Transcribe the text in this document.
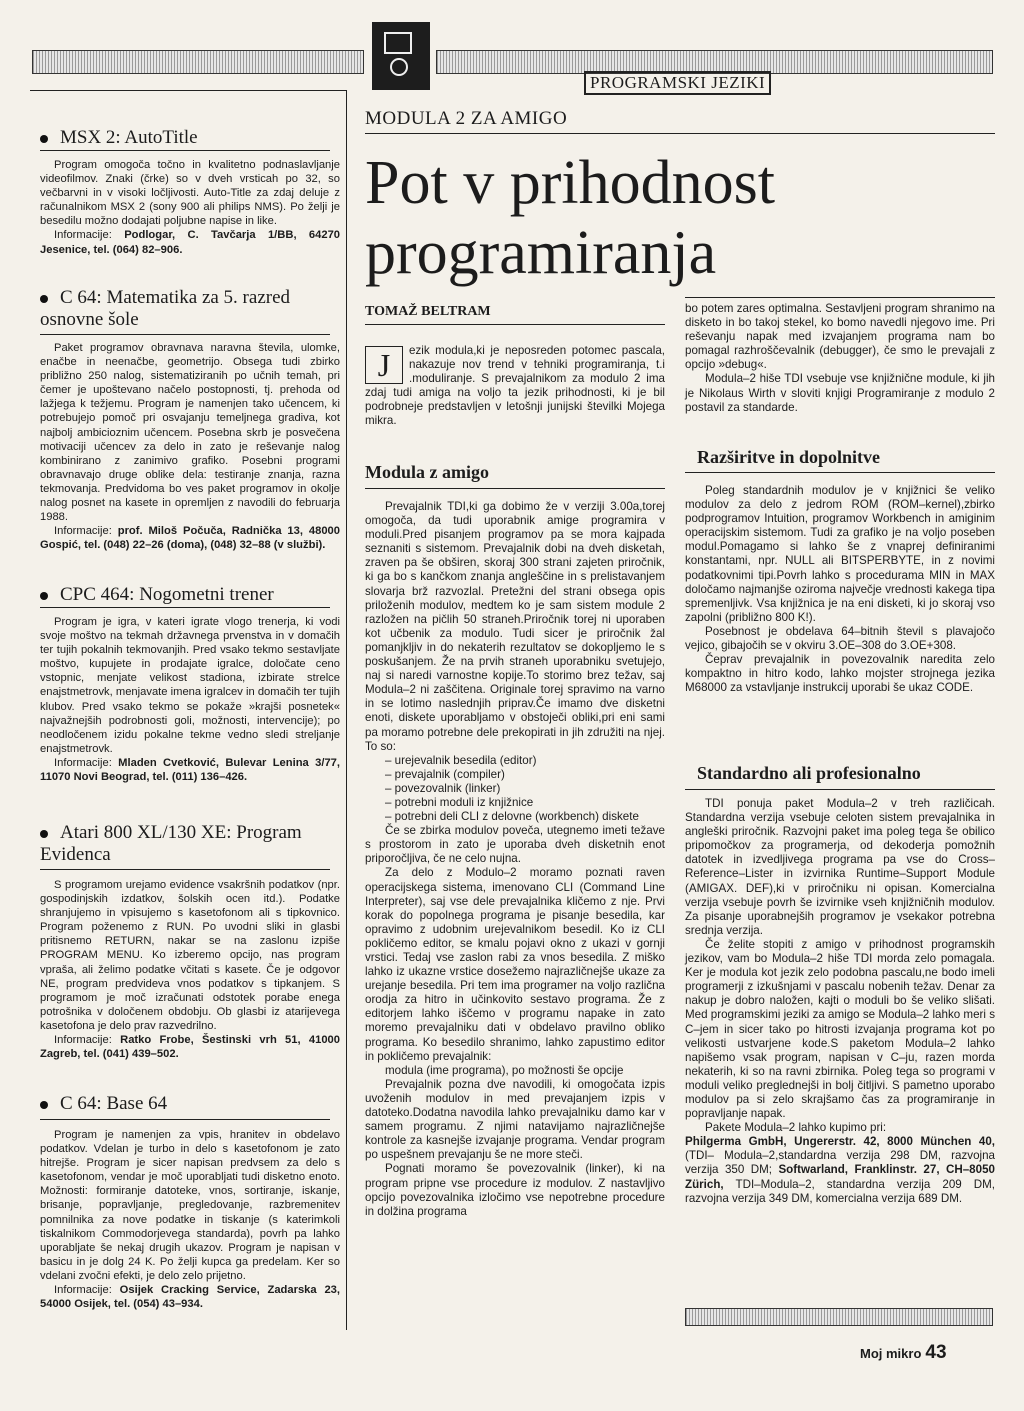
PROGRAMSKI JEZIKI
MSX 2: AutoTitle

Program omogoča točno in kvalitetno podnaslavljanje videofilmov. Znaki (črke) so v dveh vrsticah po 32, so večbarvni in v visoki ločljivosti. Auto-Title za zdaj deluje z računalnikom MSX 2 (sony 900 ali philips NMS). Po želji je besedilu možno dodajati poljubne napise in like.

Informacije: Podlogar, C. Tavčarja 1/BB, 64270 Jesenice, tel. (064) 82–906.

C 64: Matematika za 5. razred osnovne šole

Paket programov obravnava naravna števila, ulomke, enačbe in neenačbe, geometrijo. Obsega tudi zbirko približno 250 nalog, sistematiziranih po učnih temah, pri čemer je upoštevano načelo postopnosti, tj. prehoda od lažjega k težjemu. Program je namenjen tako učencem, ki potrebujejo pomoč pri osvajanju temeljnega gradiva, kot najbolj ambicioznim učencem. Posebna skrb je posvečena motivaciji učencev za delo in zato je reševanje nalog kombinirano z zanimivo grafiko. Posebni programi obravnavajo druge oblike dela: testiranje znanja, razna tekmovanja. Predvidoma bo ves paket programov in okolje nalog posnet na kasete in opremljen z navodili do februarja 1988.

Informacije: prof. Miloš Počuča, Radnička 13, 48000 Gospić, tel. (048) 22–26 (doma), (048) 32–88 (v službi).

CPC 464: Nogometni trener

Program je igra, v kateri igrate vlogo trenerja, ki vodi svoje moštvo na tekmah državnega prvenstva in v domačih ter tujih pokalnih tekmovanjih. Pred vsako tekmo sestavljate moštvo, kupujete in prodajate igralce, določate ceno vstopnic, menjate velikost stadiona, izbirate strelce enajstmetrovk, menjavate imena igralcev in domačih ter tujih klubov. Pred vsako tekmo se pokaže »krajši posnetek« najvažnejših podrobnosti goli, možnosti, intervencije); po neodločenem izidu pokalne tekme vedno sledi streljanje enajstmetrovk.

Informacije: Mladen Cvetković, Bulevar Lenina 3/77, 11070 Novi Beograd, tel. (011) 136–426.

Atari 800 XL/130 XE: Program Evidenca

S programom urejamo evidence vsakršnih podatkov (npr. gospodinjskih izdatkov, šolskih ocen itd.). Podatke shranjujemo in vpisujemo s kasetofonom ali s tipkovnico. Program poženemo z RUN. Po uvodni sliki in glasbi pritisnemo RETURN, nakar se na zaslonu izpiše PROGRAM MENU. Ko izberemo opcijo, nas program vpraša, ali želimo podatke včitati s kasete. Če je odgovor NE, program predvideva vnos podatkov s tipkanjem. S programom je moč izračunati odstotek porabe enega potrošnika v določenem obdobju. Ob glasbi iz atarijevega kasetofona je delo prav razvedrilno.

Informacije: Ratko Frobe, Šestinski vrh 51, 41000 Zagreb, tel. (041) 439–502.

C 64: Base 64

Program je namenjen za vpis, hranitev in obdelavo podatkov. Vdelan je turbo in delo s kasetofonom je zato hitrejše. Program je sicer napisan predvsem za delo s kasetofonom, vendar je moč uporabljati tudi disketno enoto. Možnosti: formiranje datoteke, vnos, sortiranje, iskanje, brisanje, popravljanje, pregledovanje, razbremenitev pomnilnika za nove podatke in tiskanje (s katerimkoli tiskalnikom Commodorjevega standarda), povrh pa lahko uporabljate še nekaj drugih ukazov. Program je napisan v basicu in je dolg 24 K. Po želji kupca ga predelam. Ker so vdelani zvočni efekti, je delo zelo prijetno.

Informacije: Osijek Cracking Service, Zadarska 23, 54000 Osijek, tel. (054) 43–934.

MODULA 2 ZA AMIGO
Pot v prihodnost programiranja
TOMAŽ BELTRAM

J	ezik modula,ki je neposreden potomec pascala, nakazuje nov trend v tehniki programiranja, t.i .moduliranje. S prevajalnikom za modulo 2 ima zdaj tudi amiga na voljo ta jezik prihodnosti, ki je bil podrobneje predstavljen v letošnji junijski številki Mojega mikra.

Modula z amigo

Prevajalnik TDI,ki ga dobimo že v verziji 3.00a,torej omogoča, da tudi uporabnik amige programira v moduli.Pred pisanjem programov pa se mora kajpada seznaniti s sistemom. Prevajalnik dobi na dveh disketah, zraven pa še obširen, skoraj 300 strani zajeten priročnik, ki ga bo s kančkom znanja angleščine in s prelistavanjem slovarja brž razvozlal. Pretežni del strani obsega opis priloženih modulov, medtem ko je sam sistem module 2 razložen na pičlih 50 straneh.Priročnik torej ni uporaben kot učbenik za modulo. Tudi sicer je priročnik žal pomanjkljiv in do nekaterih rezultatov se dokopljemo le s poskušanjem. Že na prvih straneh uporabniku svetujejo, naj si naredi varnostne kopije.To storimo brez težav, saj Modula–2 ni zaščitena. Originale torej spravimo na varno in se lotimo naslednjih priprav.Če imamo dve disketni enoti, diskete uporabljamo v obstoječi obliki,pri eni sami pa moramo potrebne dele prekopirati in jih združiti na njej. To so:

– urejevalnik besedila (editor)

– prevajalnik (compiler)

– povezovalnik (linker)

– potrebni moduli iz knjižnice

– potrebni deli CLI z delovne (workbench) diskete

Če se zbirka modulov poveča, utegnemo imeti težave s prostorom in zato je uporaba dveh disketnih enot priporočljiva, če ne celo nujna.

Za delo z Modulo–2 moramo poznati raven operacijskega sistema, imenovano CLI (Command Line Interpreter), saj vse dele prevajalnika kličemo z nje. Prvi korak do popolnega programa je pisanje besedila, kar opravimo z udobnim urejevalnikom besedil. Ko iz CLI pokličemo editor, se kmalu pojavi okno z ukazi v gornji vrstici. Tedaj vse zaslon rabi za vnos besedila. Z miško lahko iz ukazne vrstice dosežemo najrazličnejše ukaze za urejanje besedila. Pri tem ima programer na voljo različna orodja za hitro in učinkovito sestavo programa. Že z editorjem lahko iščemo v programu napake in zato moremo prevajalniku dati v obdelavo pravilno obliko programa. Ko besedilo shranimo, lahko zapustimo editor in pokličemo prevajalnik:

modula (ime programa), po možnosti še opcije

Prevajalnik pozna dve navodili, ki omogočata izpis uvoženih modulov in med prevajanjem izpis v datoteko.Dodatna navodila lahko prevajalniku damo kar v samem programu. Z njimi natavijamo najrazličnejše kontrole za kasnejše izvajanje programa. Vendar program po uspešnem prevajanju še ne more steči.

Pognati moramo še povezovalnik (linker), ki na program pripne vse procedure iz modulov. Z nastavljivo opcijo povezovalnika izločimo vse nepotrebne procedure in dolžina programa

bo potem zares optimalna. Sestavljeni program shranimo na disketo in bo takoj stekel, ko bomo navedli njegovo ime. Pri reševanju napak med izvajanjem programa nam bo pomagal razhroščevalnik (debugger), če smo le prevajali z opcijo »debug«.

Modula–2 hiše TDI vsebuje vse knjižnične module, ki jih je Nikolaus Wirth v sloviti knjigi Programiranje z modulo 2 postavil za standarde.

Razširitve in dopolnitve

Poleg standardnih modulov je v knjižnici še veliko modulov za delo z jedrom ROM (ROM–kernel),zbirko podprogramov Intuition, programov Workbench in amiginim operacijskim sistemom. Tudi za grafiko je na voljo poseben modul.Pomagamo si lahko še z vnaprej definiranimi konstantami, npr. NULL ali BITSPERBYTE, in z novimi podatkovnimi tipi.Povrh lahko s proceduramа MIN in MAX določamo najmanjše oziroma največje vrednosti kakega tipa spremenljivk. Vsa knjižnica je na eni disketi, ki jo skoraj vso zapolni (približno 800 K!).

Posebnost je obdelava 64–bitnih števil s plavajočo vejico, gibajočih se v okviru 3.OE–308 do 3.OE+308.

Čeprav prevajalnik in povezovalnik naredita zelo kompaktno in hitro kodo, lahko mojster strojnega jezika M68000 za vstavljanje instrukcij uporabi še ukaz CODE.

Standardno ali profesionalno

TDI ponuja paket Modula–2 v treh različicah. Standardna verzija vsebuje celoten sistem prevajalnika in angleški priročnik. Razvojni paket ima poleg tega še obilico pripomočkov za programerja, od dekoderja pomožnih datotek in izvedljivega programa pa vse do Cross– Reference–Lister in izvirnika Runtime–Support Module (AMIGAX. DEF),ki v priročniku ni opisan. Komercialna verzija vsebuje povrh še izvirnike vseh knjižničnih modulov. Za pisanje uporabnejših programov je vsekakor potrebna srednja verzija.

Če želite stopiti z amigo v prihodnost programskih jezikov, vam bo Modula–2 hiše TDI morda zelo pomagala. Ker je modula kot jezik zelo podobna pascalu,ne bodo imeli programerji z izkušnjami v pascalu nobenih težav. Denar za nakup je dobro naložen, kajti o moduli bo še veliko slišati. Med programskimi jeziki za amigo se Modula–2 lahko meri s C–jem in sicer tako po hitrosti izvajanja programa kot po velikosti ustvarjene kode.S paketom Modula–2 lahko napišemo vsak program, napisan v C–ju, razen morda nekaterih, ki so na ravni zbirnika. Poleg tega so programi v moduli veliko preglednejši in bolj čitljivi. S pametno uporabo modulov pa si zelo skrajšamo čas za programiranje in popravljanje napak.

Pakete Modula–2 lahko kupimo pri:

Philgerma GmbH, Ungererstr. 42, 8000 München 40, (TDI– Modula–2,standardna verzija 298 DM, razvojna verzija 350 DM; Softwarland, Franklinstr. 27, CH–8050 Zürich, TDI–Modula–2, standardna verzija 209 DM, razvojna verzija 349 DM, komercialna verzija 689 DM.

Moj mikro 43
